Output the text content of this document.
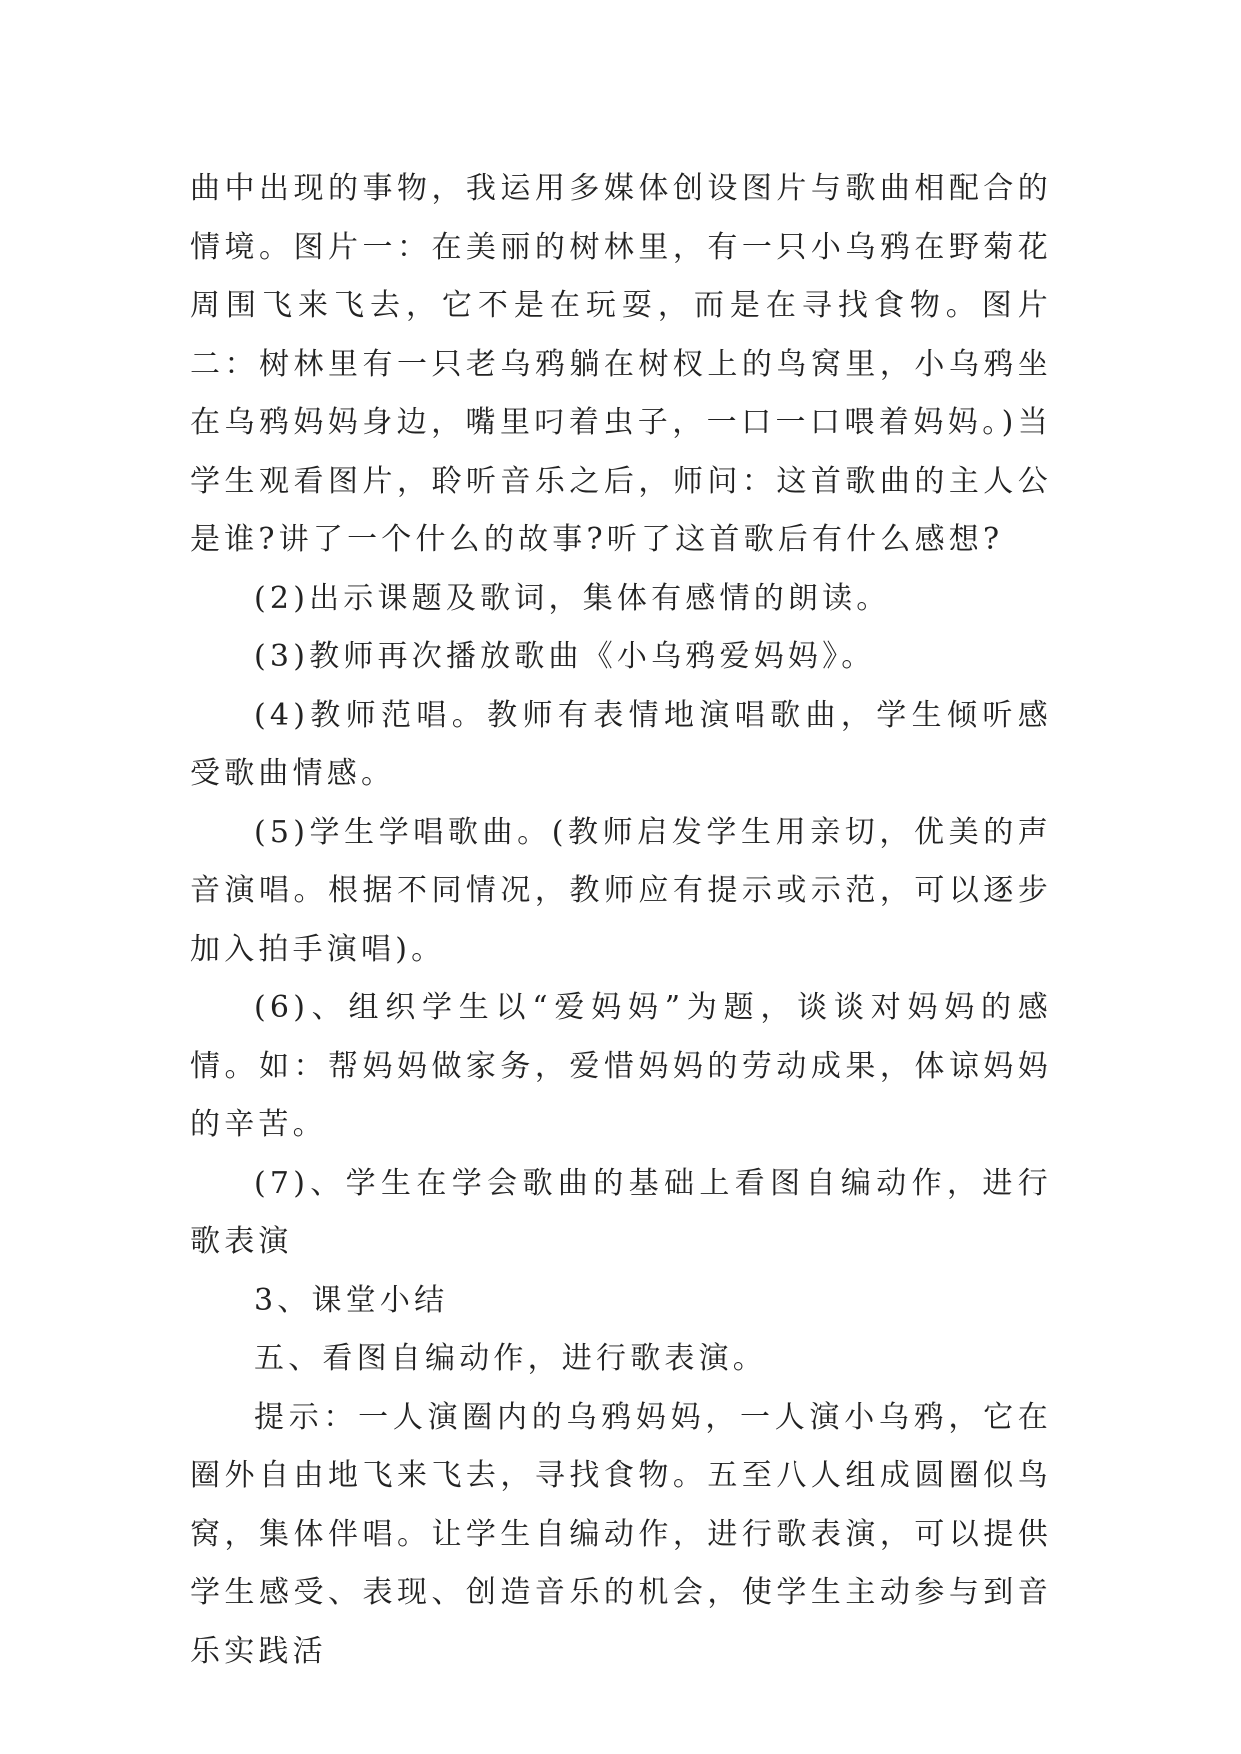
曲中出现的事物，我运用多媒体创设图片与歌曲相配合的情境。图片一：在美丽的树林里，有一只小乌鸦在野菊花周围飞来飞去，它不是在玩耍，而是在寻找食物。图片二：树林里有一只老乌鸦躺在树杈上的鸟窝里，小乌鸦坐在乌鸦妈妈身边，嘴里叼着虫子，一口一口喂着妈妈。)当学生观看图片，聆听音乐之后，师问：这首歌曲的主人公是谁?讲了一个什么的故事?听了这首歌后有什么感想?

(2)出示课题及歌词，集体有感情的朗读。

(3)教师再次播放歌曲《小乌鸦爱妈妈》。

(4)教师范唱。教师有表情地演唱歌曲，学生倾听感受歌曲情感。

(5)学生学唱歌曲。(教师启发学生用亲切，优美的声音演唱。根据不同情况，教师应有提示或示范，可以逐步加入拍手演唱)。

(6)、组织学生以“爱妈妈”为题，谈谈对妈妈的感情。如：帮妈妈做家务，爱惜妈妈的劳动成果，体谅妈妈的辛苦。

(7)、学生在学会歌曲的基础上看图自编动作，进行歌表演

3、课堂小结

五、看图自编动作，进行歌表演。

提示：一人演圈内的乌鸦妈妈，一人演小乌鸦，它在圈外自由地飞来飞去，寻找食物。五至八人组成圆圈似鸟窝，集体伴唱。让学生自编动作，进行歌表演，可以提供学生感受、表现、创造音乐的机会，使学生主动参与到音乐实践活
